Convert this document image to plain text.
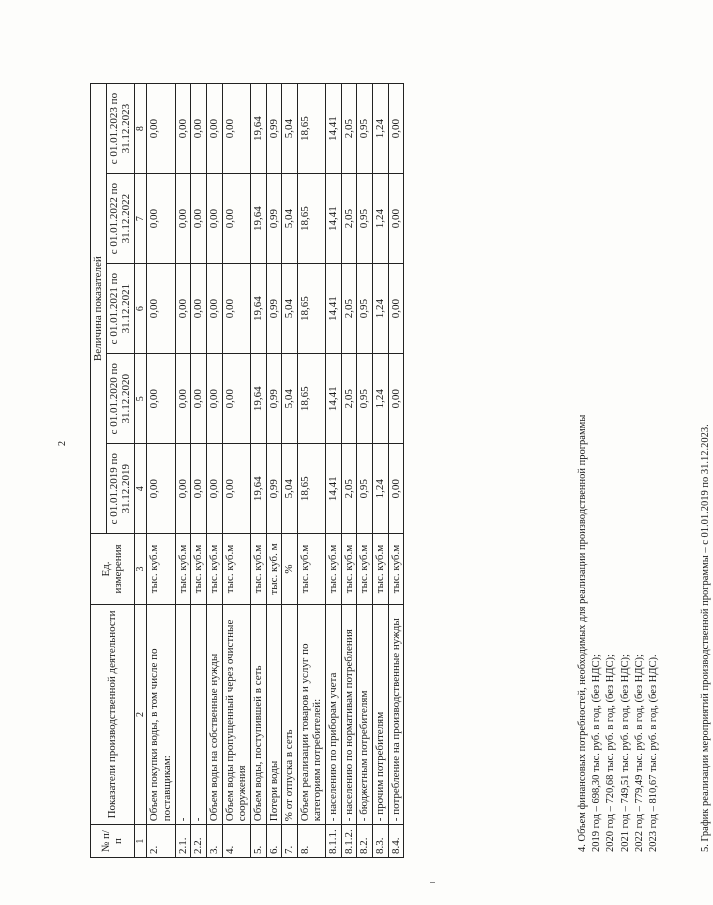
2
№ п/п	Показатели производственной деятельности	Ед. измерения	Величина показателей				
			с 01.01.2019 по 31.12.2019	с 01.01.2020 по 31.12.2020	с 01.01.2021 по 31.12.2021	с 01.01.2022 по 31.12.2022	с 01.01.2023 по 31.12.2023
1	2	3	4	5	6	7	8
2.	Объем покупки воды, в том числе по поставщикам:	тыс. куб.м	0,00	0,00	0,00	0,00	0,00
2.1.	-	тыс. куб.м	0,00	0,00	0,00	0,00	0,00
2.2.	-	тыс. куб.м	0,00	0,00	0,00	0,00	0,00
3.	Объем воды на собственные нужды	тыс. куб.м	0,00	0,00	0,00	0,00	0,00
4.	Объем воды пропущенный через очистные сооружения	тыс. куб.м	0,00	0,00	0,00	0,00	0,00
5.	Объем воды, поступившей в сеть	тыс. куб.м	19,64	19,64	19,64	19,64	19,64
6.	Потери воды	тыс. куб. м	0,99	0,99	0,99	0,99	0,99
7.	% от отпуска в сеть	%	5,04	5,04	5,04	5,04	5,04
8.	Объем реализации товаров и услуг по категориям потребителей:	тыс. куб.м	18,65	18,65	18,65	18,65	18,65
8.1.1.	- населению по приборам учета	тыс. куб.м	14,41	14,41	14,41	14,41	14,41
8.1.2.	- населению по нормативам потребления	тыс. куб.м	2,05	2,05	2,05	2,05	2,05
8.2.	- бюджетным потребителям	тыс. куб.м	0,95	0,95	0,95	0,95	0,95
8.3.	- прочим потребителям	тыс. куб.м	1,24	1,24	1,24	1,24	1,24
8.4.	- потребление на производственные нужды	тыс. куб.м	0,00	0,00	0,00	0,00	0,00

4. Объем финансовых потребностей, необходимых для реализации производственной программы 2019 год – 698,30 тыс. руб. в год, (без НДС); 2020 год – 720,68 тыс. руб. в год, (без НДС); 2021 год – 749,51 тыс. руб. в год, (без НДС); 2022 год – 779,49 тыс. руб. в год, (без НДС); 2023 год – 810,67 тыс. руб. в год, (без НДС).	5. График реализации мероприятий производственной программы – с 01.01.2019 по 31.12.2023.
